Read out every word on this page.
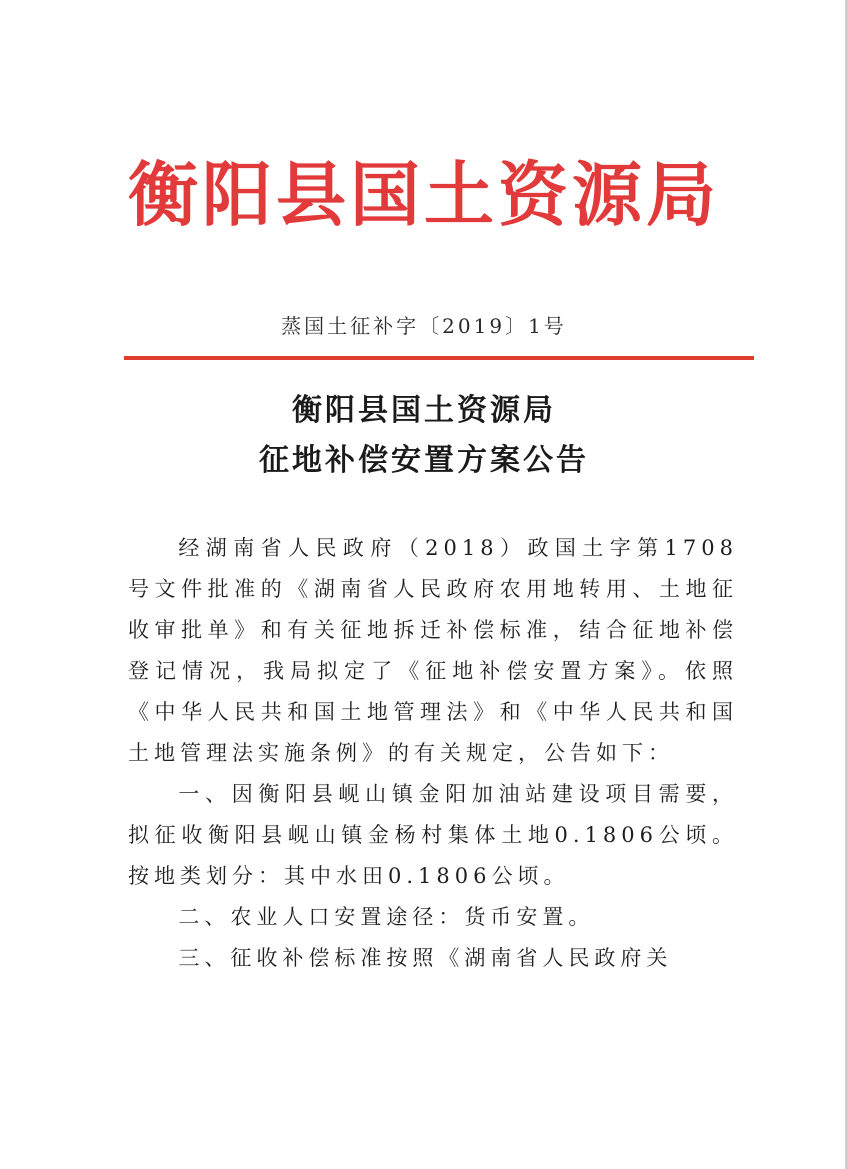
衡阳县国土资源局
蒸国土征补字〔2019〕1号
衡阳县国土资源局
征地补偿安置方案公告

经湖南省人民政府（2018）政国土字第1708号文件批准的《湖南省人民政府农用地转用、土地征收审批单》和有关征地拆迁补偿标准，结合征地补偿登记情况，我局拟定了《征地补偿安置方案》。依照《中华人民共和国土地管理法》和《中华人民共和国土地管理法实施条例》的有关规定，公告如下：

一、因衡阳县岘山镇金阳加油站建设项目需要，拟征收衡阳县岘山镇金杨村集体土地0.1806公顷。按地类划分：其中水田0.1806公顷。

二、农业人口安置途径：货币安置。

三、征收补偿标准按照《湖南省人民政府关
